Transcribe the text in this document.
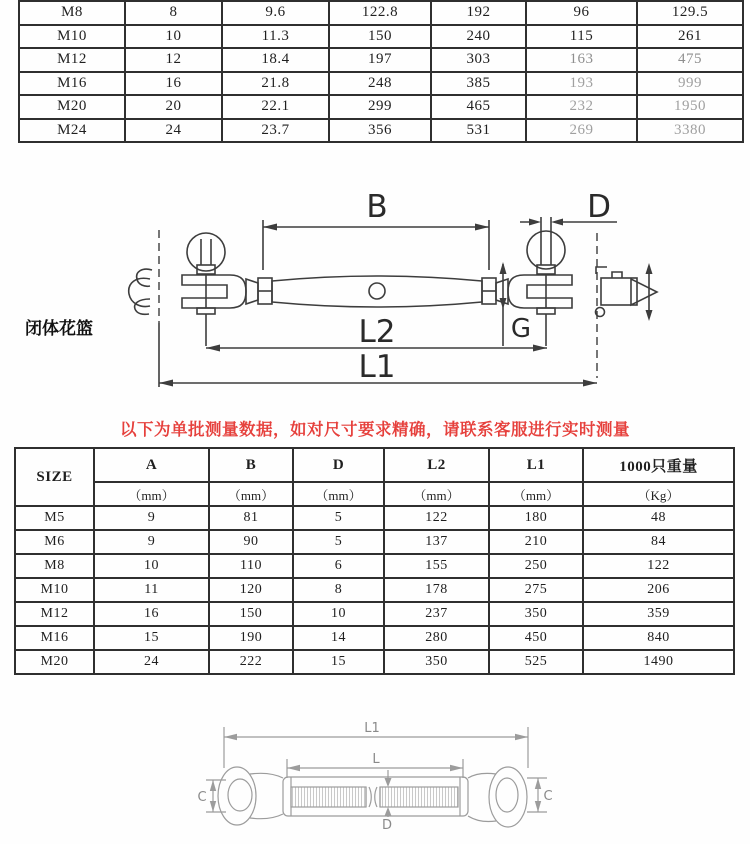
M8	8	9.6	122.8	192	96	129.5
M10	10	11.3	150	240	115	261
M12	12	18.4	197	303	163	475
M16	16	21.8	248	385	193	999
M20	20	22.1	299	465	232	1950
M24	24	23.7	356	531	269	3380
B	D
G
L2
L1
闭体花篮
以下为单批测量数据，如对尺寸要求精确，请联系客服进行实时测量
SIZE	A	B	D	L2	L1	1000只重量
	（mm）	（mm）	（mm）	（mm）	（mm）	（Kg）
M5	9	81	5	122	180	48
M6	9	90	5	137	210	84
M8	10	110	6	155	250	122
M10	11	120	8	178	275	206
M12	16	150	10	237	350	359
M16	15	190	14	280	450	840
M20	24	222	15	350	525	1490
L1
L
D
C	C
